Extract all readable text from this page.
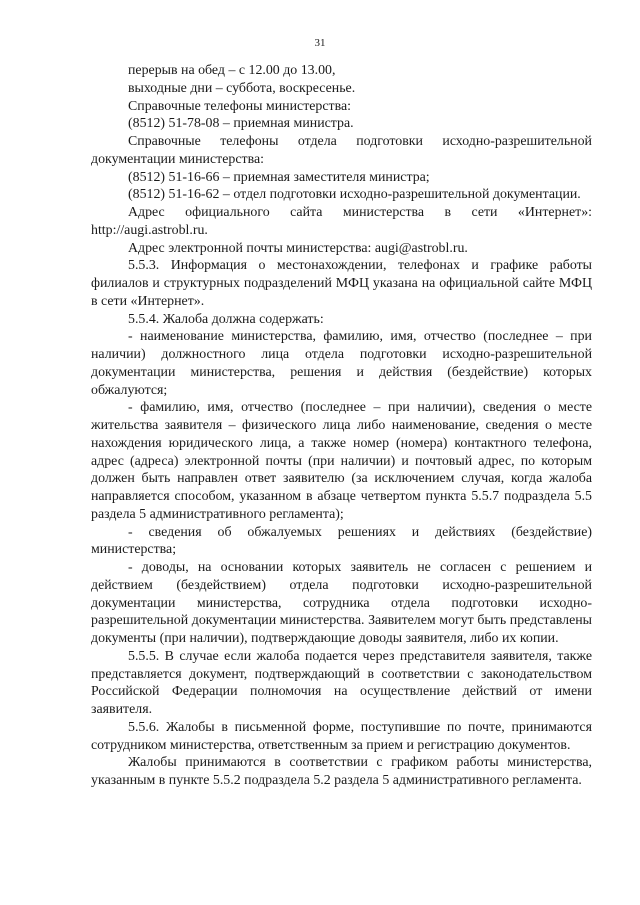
31

перерыв на обед – с 12.00 до 13.00,

выходные дни – суббота, воскресенье.

Справочные телефоны министерства:

(8512) 51-78-08 – приемная министра.

Справочные телефоны отдела подготовки исходно-разрешительной документации министерства:

(8512) 51-16-66 – приемная заместителя министра;

(8512) 51-16-62 – отдел подготовки исходно-разрешительной документации.

Адрес официального сайта министерства в сети «Интернет»: http://augi.astrobl.ru.

Адрес электронной почты министерства: augi@astrobl.ru.

5.5.3. Информация о местонахождении, телефонах и графике работы филиалов и структурных подразделений МФЦ указана на официальной сайте МФЦ в сети «Интернет».

5.5.4. Жалоба должна содержать:

- наименование министерства, фамилию, имя, отчество (последнее – при наличии) должностного лица отдела подготовки исходно-разрешительной документации министерства, решения и действия (бездействие) которых обжалуются;

- фамилию, имя, отчество (последнее – при наличии), сведения о месте жительства заявителя – физического лица либо наименование, сведения о месте нахождения юридического лица, а также номер (номера) контактного телефона, адрес (адреса) электронной почты (при наличии) и почтовый адрес, по которым должен быть направлен ответ заявителю (за исключением случая, когда жалоба направляется способом, указанном в абзаце четвертом пункта 5.5.7 подраздела 5.5 раздела 5 административного регламента);

- сведения об обжалуемых решениях и действиях (бездействие) министерства;

- доводы, на основании которых заявитель не согласен с решением и действием (бездействием) отдела подготовки исходно-разрешительной документации министерства, сотрудника отдела подготовки исходно-разрешительной документации министерства. Заявителем могут быть представлены документы (при наличии), подтверждающие доводы заявителя, либо их копии.

5.5.5. В случае если жалоба подается через представителя заявителя, также представляется документ, подтверждающий в соответствии с законодательством Российской Федерации полномочия на осуществление действий от имени заявителя.

5.5.6. Жалобы в письменной форме, поступившие по почте, принимаются сотрудником министерства, ответственным за прием и регистрацию документов.

Жалобы принимаются в соответствии с графиком работы министерства, указанным в пункте 5.5.2 подраздела 5.2 раздела 5 административного регламента.
